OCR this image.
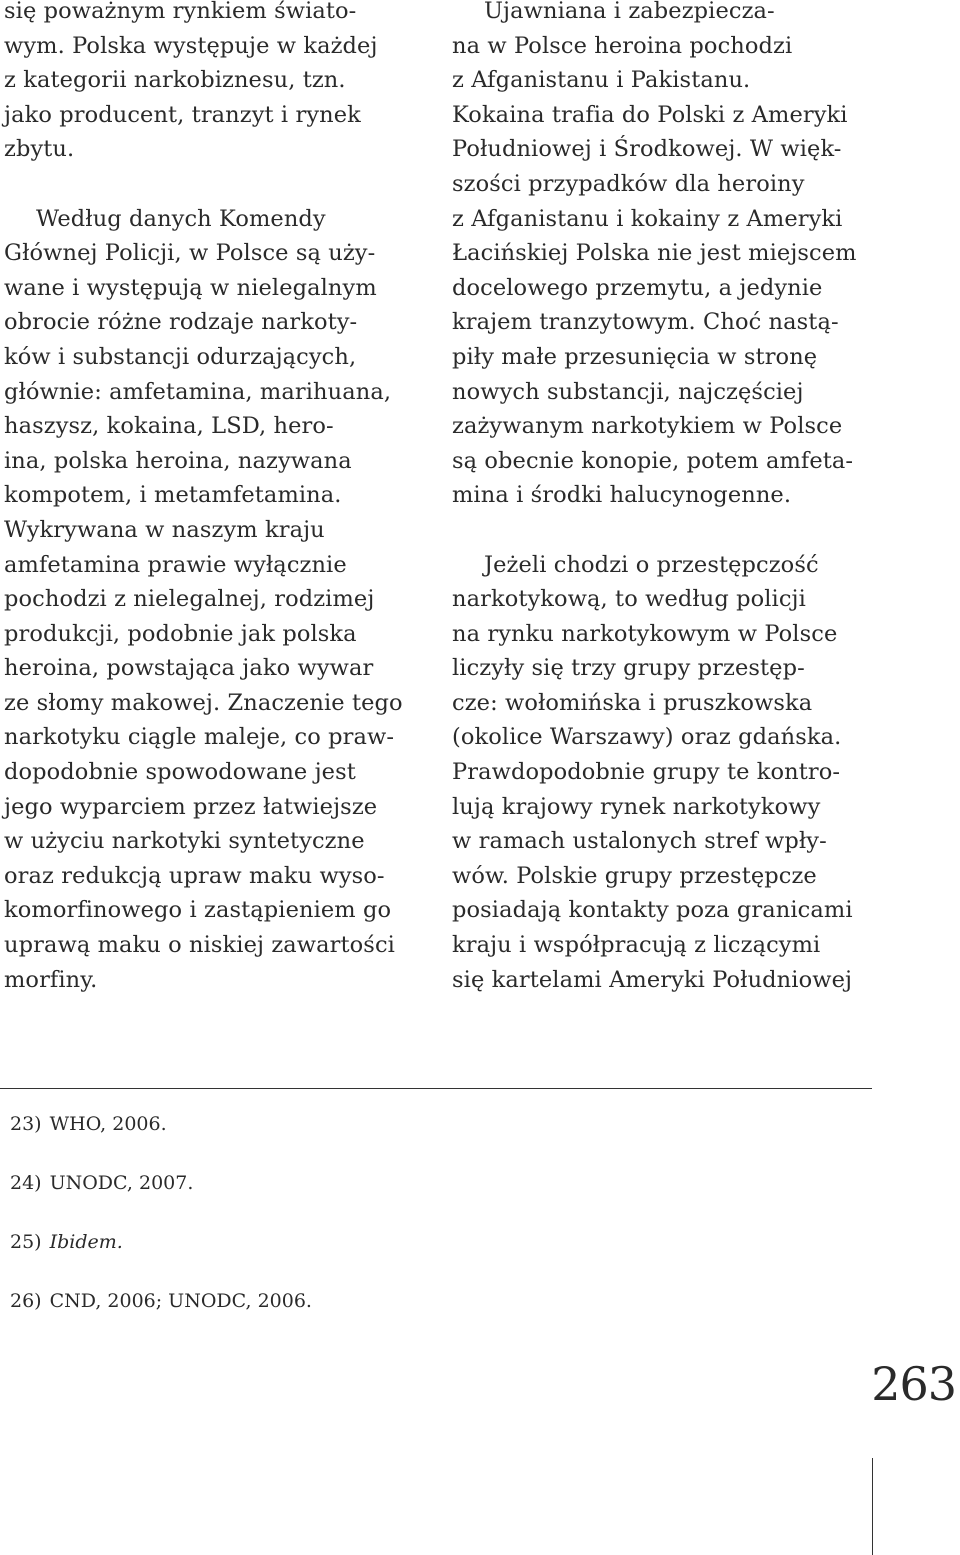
się poważnym rynkiem świato-
wym. Polska występuje w każdej
z kategorii narkobiznesu, tzn.
jako producent, tranzyt i rynek
zbytu.
Według danych Komendy
Głównej Policji, w Polsce są uży-
wane i występują w nielegalnym
obrocie różne rodzaje narkoty-
ków i substancji odurzających,
głównie: amfetamina, marihuana,
haszysz, kokaina, LSD, hero-
ina, polska heroina, nazywana
kompotem, i metamfetamina.
Wykrywana w naszym kraju
amfetamina prawie wyłącznie
pochodzi z nielegalnej, rodzimej
produkcji, podobnie jak polska
heroina, powstająca jako wywar
ze słomy makowej. Znaczenie tego
narkotyku ciągle maleje, co praw-
dopodobnie spowodowane jest
jego wyparciem przez łatwiejsze
w użyciu narkotyki syntetyczne
oraz redukcją upraw maku wyso-
komorfinowego i zastąpieniem go
uprawą maku o niskiej zawartości
morfiny.
Ujawniana i zabezpiecza-
na w Polsce heroina pochodzi
z Afganistanu i Pakistanu.
Kokaina trafia do Polski z Ameryki
Południowej i Środkowej. W więk-
szości przypadków dla heroiny
z Afganistanu i kokainy z Ameryki
Łacińskiej Polska nie jest miejscem
docelowego przemytu, a jedynie
krajem tranzytowym. Choć nastą-
piły małe przesunięcia w stronę
nowych substancji, najczęściej
zażywanym narkotykiem w Polsce
są obecnie konopie, potem amfeta-
mina i środki halucynogenne.
Jeżeli chodzi o przestępczość
narkotykową, to według policji
na rynku narkotykowym w Polsce
liczyły się trzy grupy przestęp-
cze: wołomińska i pruszkowska
(okolice Warszawy) oraz gdańska.
Prawdopodobnie grupy te kontro-
lują krajowy rynek narkotykowy
w ramach ustalonych stref wpły-
wów. Polskie grupy przestępcze
posiadają kontakty poza granicami
kraju i współpracują z liczącymi
się kartelami Ameryki Południowej
23) WHO, 2006.
24) UNODC, 2007.
25) Ibidem.
26) CND, 2006; UNODC, 2006.
263
